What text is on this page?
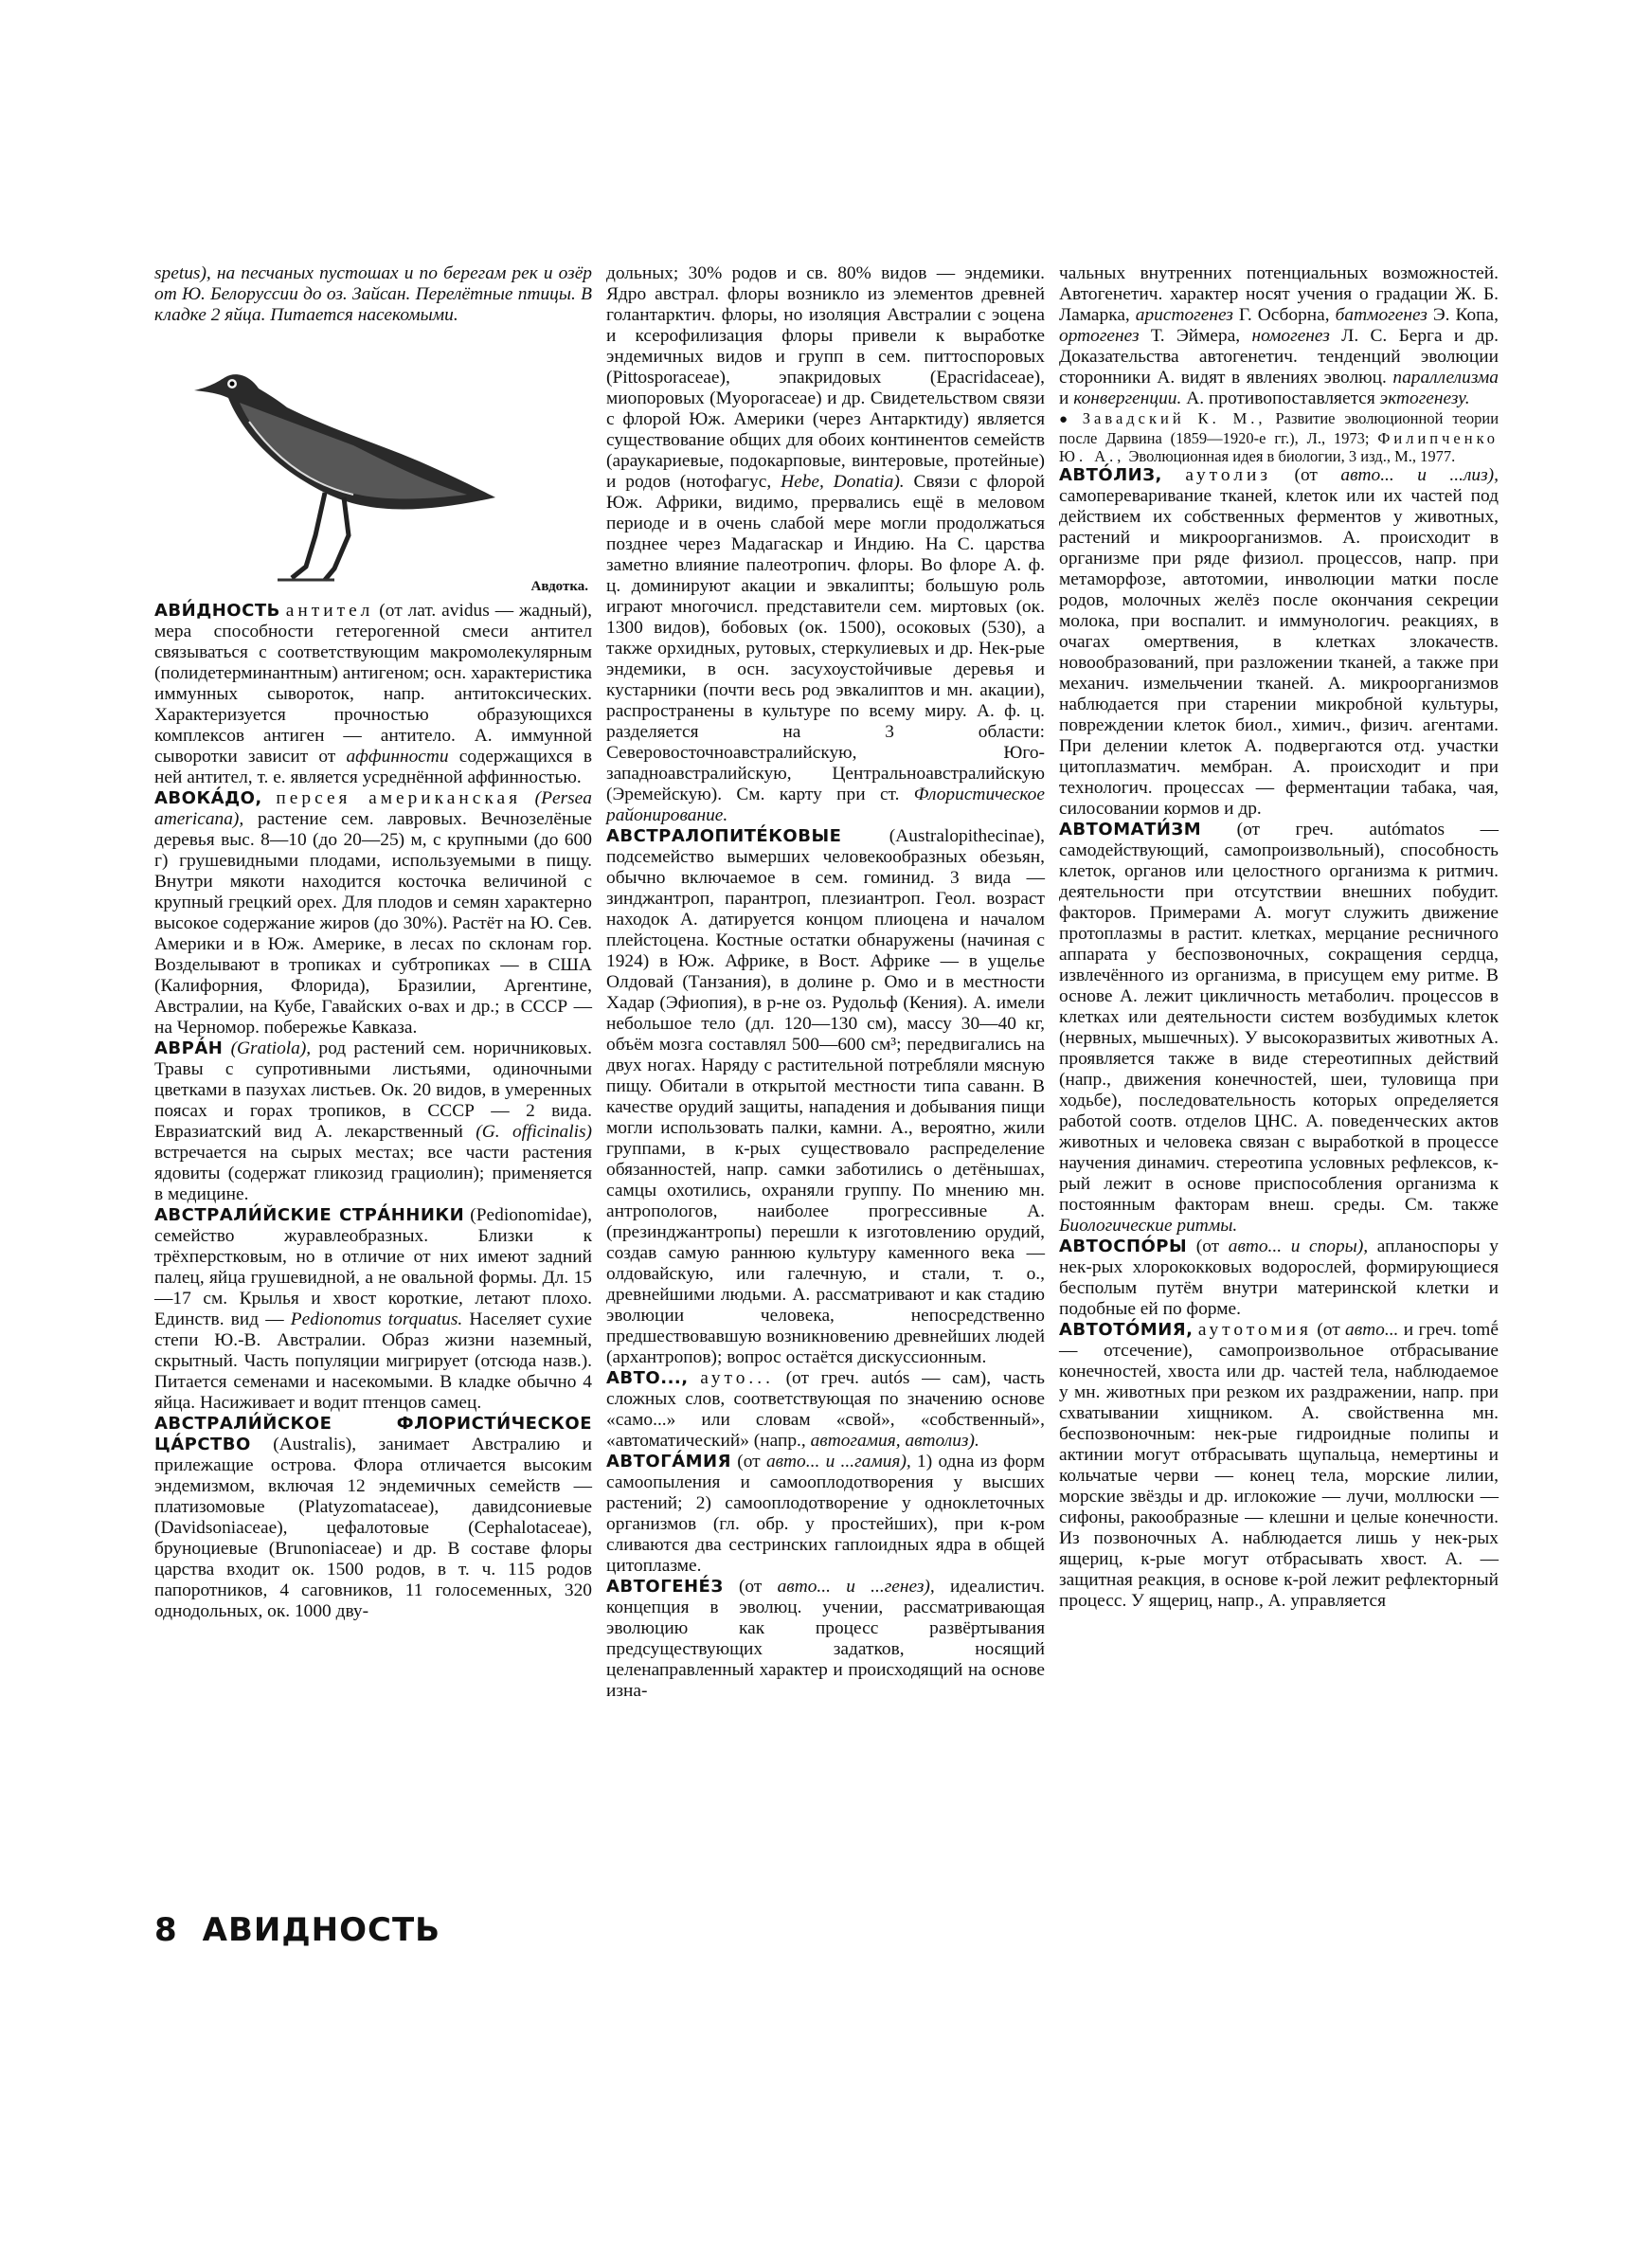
spetus), на песчаных пустошах и по берегам рек и озёр от Ю. Белоруссии до оз. Зайсан. Перелётные птицы. В кладке 2 яйца. Питается насекомыми.

Авдотка.

АВИ́ДНОСТЬ антител (от лат. avidus — жадный), мера способности гетерогенной смеси антител связываться с соответствующим макромолекулярным (полидетерминантным) антигеном; осн. характеристика иммунных сывороток, напр. антитоксических. Характеризуется прочностью образующихся комплексов антиген — антитело. А. иммунной сыворотки зависит от аффинности содержащихся в ней антител, т. е. является усреднённой аффинностью.

АВОКА́ДО, персея американская (Persea americana), растение сем. лавровых. Вечнозелёные деревья выс. 8—10 (до 20—25) м, с крупными (до 600 г) грушевидными плодами, используемыми в пищу. Внутри мякоти находится косточка величиной с крупный грецкий орех. Для плодов и семян характерно высокое содержание жиров (до 30%). Растёт на Ю. Сев. Америки и в Юж. Америке, в лесах по склонам гор. Возделывают в тропиках и субтропиках — в США (Калифорния, Флорида), Бразилии, Аргентине, Австралии, на Кубе, Гавайских о-вах и др.; в СССР — на Черномор. побережье Кавказа.

АВРА́Н (Gratiola), род растений сем. норичниковых. Травы с супротивными листьями, одиночными цветками в пазухах листьев. Ок. 20 видов, в умеренных поясах и горах тропиков, в СССР — 2 вида. Евразиатский вид А. лекарственный (G. officinalis) встречается на сырых местах; все части растения ядовиты (содержат гликозид грациолин); применяется в медицине.

АВСТРАЛИ́ЙСКИЕ СТРА́ННИКИ (Pedionomidae), семейство журавлеобразных. Близки к трёхперстковым, но в отличие от них имеют задний палец, яйца грушевидной, а не овальной формы. Дл. 15—17 см. Крылья и хвост короткие, летают плохо. Единств. вид — Pedionomus torquatus. Населяет сухие степи Ю.-В. Австралии. Образ жизни наземный, скрытный. Часть популяции мигрирует (отсюда назв.). Питается семенами и насекомыми. В кладке обычно 4 яйца. Насиживает и водит птенцов самец.

АВСТРАЛИ́ЙСКОЕ ФЛОРИСТИ́ЧЕСКОЕ ЦА́РСТВО (Australis), занимает Австралию и прилежащие острова. Флора отличается высоким эндемизмом, включая 12 эндемичных семейств — платизомовые (Platyzomataceae), давидсониевые (Davidsoniaceae), цефалотовые (Cephalotaceae), бруноциевые (Brunoniaceae) и др. В составе флоры царства входит ок. 1500 родов, в т. ч. 115 родов папоротников, 4 саговников, 11 голосеменных, 320 однодольных, ок. 1000 дву-

дольных; 30% родов и св. 80% видов — эндемики. Ядро австрал. флоры возникло из элементов древней голантарктич. флоры, но изоляция Австралии с эоцена и ксерофилизация флоры привели к выработке эндемичных видов и групп в сем. питтоспоровых (Pittosporaceae), эпакридовых (Epacridaceae), миопоровых (Myoporaceae) и др. Свидетельством связи с флорой Юж. Америки (через Антарктиду) является существование общих для обоих континентов семейств (араукариевые, подокарповые, винтеровые, протейные) и родов (нотофагус, Hebe, Donatia). Связи с флорой Юж. Африки, видимо, прервались ещё в меловом периоде и в очень слабой мере могли продолжаться позднее через Мадагаскар и Индию. На С. царства заметно влияние палеотропич. флоры. Во флоре А. ф. ц. доминируют акации и эвкалипты; большую роль играют многочисл. представители сем. миртовых (ок. 1300 видов), бобовых (ок. 1500), осоковых (530), а также орхидных, рутовых, стеркулиевых и др. Нек-рые эндемики, в осн. засухоустойчивые деревья и кустарники (почти весь род эвкалиптов и мн. акации), распространены в культуре по всему миру. А. ф. ц. разделяется на 3 области: Северовосточноавстралийскую, Юго-западноавстралийскую, Центральноавстралийскую (Эремейскую). См. карту при ст. Флористическое районирование.

АВСТРАЛОПИТЕ́КОВЫЕ	(Australopithecinae), подсемейство вымерших человекообразных обезьян, обычно включаемое в сем. гоминид. 3 вида — зинджантроп, парантроп, плезиантроп. Геол. возраст находок А. датируется концом плиоцена и началом плейстоцена. Костные остатки обнаружены (начиная с 1924) в Юж. Африке, в Вост. Африке — в ущелье Олдовай (Танзания), в долине р. Омо и в местности Хадар (Эфиопия), в р-не оз. Рудольф (Кения). А. имели небольшое тело (дл. 120—130 см), массу 30—40 кг, объём мозга составлял 500—600 см³; передвигались на двух ногах. Наряду с растительной потребляли мясную пищу. Обитали в открытой местности типа саванн. В качестве орудий защиты, нападения и добывания пищи могли использовать палки, камни. А., вероятно, жили группами, в к-рых существовало распределение обязанностей, напр. самки заботились о детёнышах, самцы охотились, охраняли группу. По мнению мн. антропологов, наиболее прогрессивные А. (презинджантропы) перешли к изготовлению орудий, создав самую раннюю культуру каменного века — олдовайскую, или галечную, и стали, т. о., древнейшими людьми. А. рассматривают и как стадию эволюции человека, непосредственно предшествовавшую возникновению древнейших людей (архантропов); вопрос остаётся дискуссионным.

АВТО..., ауто... (от греч. autós — сам), часть сложных слов, соответствующая по значению основе «само...» или словам «свой», «собственный», «автоматический» (напр., автогамия, автолиз).

АВТОГА́МИЯ (от авто... и ...гамия), 1) одна из форм самоопыления и самооплодотворения у высших растений; 2) самооплодотворение у одноклеточных организмов (гл. обр. у простейших), при к-ром сливаются два сестринских гаплоидных ядра в общей цитоплазме.

АВТОГЕНЕ́З (от авто... и ...генез), идеалистич. концепция в эволюц. учении, рассматривающая эволюцию как процесс развёртывания предсуществующих задатков, носящий целенаправленный характер и происходящий на основе изна-

чальных внутренних потенциальных возможностей. Автогенетич. характер носят учения о градации Ж. Б. Ламарка, аристогенез Г. Осборна, батмогенез Э. Копа, ортогенез Т. Эймера, номогенез Л. С. Берга и др. Доказательства автогенетич. тенденций эволюции сторонники А. видят в явлениях эволюц. параллелизма и конвергенции. А. противопоставляется эктогенезу.

● Завадский К. М., Развитие эволюционной теории после Дарвина (1859—1920-е гг.), Л., 1973; Филипченко Ю. А., Эволюционная идея в биологии, 3 изд., М., 1977.

АВТО́ЛИЗ, аутолиз (от авто... и ...лиз), самопереваривание тканей, клеток или их частей под действием их собственных ферментов у животных, растений и микроорганизмов. А. происходит в организме при ряде физиол. процессов, напр. при метаморфозе, автотомии, инволюции матки после родов, молочных желёз после окончания секреции молока, при воспалит. и иммунологич. реакциях, в очагах омертвения, в клетках злокачеств. новообразований, при разложении тканей, а также при механич. измельчении тканей. А. микроорганизмов наблюдается при старении микробной культуры, повреждении клеток биол., химич., физич. агентами. При делении клеток А. подвергаются отд. участки цитоплазматич. мембран. А. происходит и при технологич. процессах — ферментации табака, чая, силосовании кормов и др.

АВТОМАТИ́ЗМ (от греч. autómatos — самодействующий, самопроизвольный), способность клеток, органов или целостного организма к ритмич. деятельности при отсутствии внешних побудит. факторов. Примерами А. могут служить движение протоплазмы в растит. клетках, мерцание ресничного аппарата у беспозвоночных, сокращения сердца, извлечённого из организма, в присущем ему ритме. В основе А. лежит цикличность метаболич. процессов в клетках или деятельности систем возбудимых клеток (нервных, мышечных). У высокоразвитых животных А. проявляется также в виде стереотипных действий (напр., движения конечностей, шеи, туловища при ходьбе), последовательность которых определяется работой соотв. отделов ЦНС. А. поведенческих актов животных и человека связан с выработкой в процессе научения динамич. стереотипа условных рефлексов, к-рый лежит в основе приспособления организма к постоянным факторам внеш. среды. См. также Биологические ритмы.

АВТОСПО́РЫ (от авто... и споры), апланоспоры у нек-рых хлорококковых водорослей, формирующиеся бесполым путём внутри материнской клетки и подобные ей по форме.

АВТОТО́МИЯ, аутотомия (от авто... и греч. tomḗ — отсечение), самопроизвольное отбрасывание конечностей, хвоста или др. частей тела, наблюдаемое у мн. животных при резком их раздражении, напр. при схватывании хищником. А. свойственна мн. беспозвоночным: нек-рые гидроидные полипы и актинии могут отбрасывать щупальца, немертины и кольчатые черви — конец тела, морские лилии, морские звёзды и др. иглокожие — лучи, моллюски — сифоны, ракообразные — клешни и целые конечности. Из позвоночных А. наблюдается лишь у нек-рых ящериц, к-рые могут отбрасывать хвост. А. — защитная реакция, в основе к-рой лежит рефлекторный процесс. У ящериц, напр., А. управляется

8 АВИДНОСТЬ
